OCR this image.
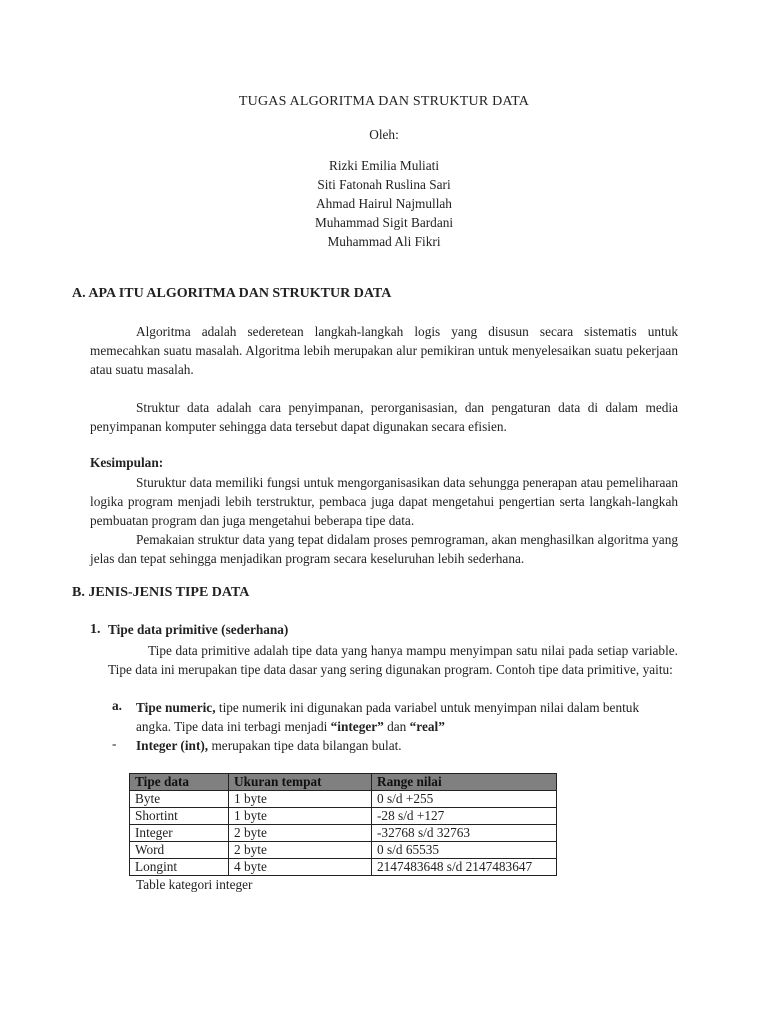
TUGAS ALGORITMA DAN STRUKTUR DATA
Oleh:
Rizki Emilia Muliati
Siti Fatonah Ruslina Sari
Ahmad Hairul Najmullah
Muhammad Sigit Bardani
Muhammad Ali Fikri
A. APA ITU ALGORITMA DAN STRUKTUR DATA
Algoritma adalah sederetean langkah-langkah logis yang disusun secara sistematis untuk memecahkan suatu masalah. Algoritma lebih merupakan alur pemikiran untuk menyelesaikan suatu pekerjaan atau suatu masalah.
Struktur data adalah cara penyimpanan, perorganisasian, dan pengaturan data di dalam media penyimpanan komputer sehingga data tersebut dapat digunakan secara efisien.
Kesimpulan:
Sturuktur data memiliki fungsi untuk mengorganisasikan data sehungga penerapan atau pemeliharaan logika program menjadi lebih terstruktur, pembaca juga dapat mengetahui pengertian serta langkah-langkah pembuatan program dan juga mengetahui beberapa tipe data.
Pemakaian struktur data yang tepat didalam proses pemrograman, akan menghasilkan algoritma yang jelas dan tepat sehingga menjadikan program secara keseluruhan lebih sederhana.
B. JENIS-JENIS TIPE DATA
1. Tipe data primitive (sederhana)
Tipe data primitive adalah tipe data yang hanya mampu menyimpan satu nilai pada setiap variable. Tipe data ini merupakan tipe data dasar yang sering digunakan program. Contoh tipe data primitive, yaitu:
a. Tipe numeric, tipe numerik ini digunakan pada variabel untuk menyimpan nilai dalam bentuk angka. Tipe data ini terbagi menjadi “integer” dan “real”
- Integer (int), merupakan tipe data bilangan bulat.
Tipe data	Ukuran tempat	Range nilai
Byte	1 byte	0 s/d +255
Shortint	1 byte	-28 s/d +127
Integer	2 byte	-32768 s/d 32763
Word	2 byte	0 s/d 65535
Longint	4 byte	2147483648 s/d 2147483647
Table kategori integer
